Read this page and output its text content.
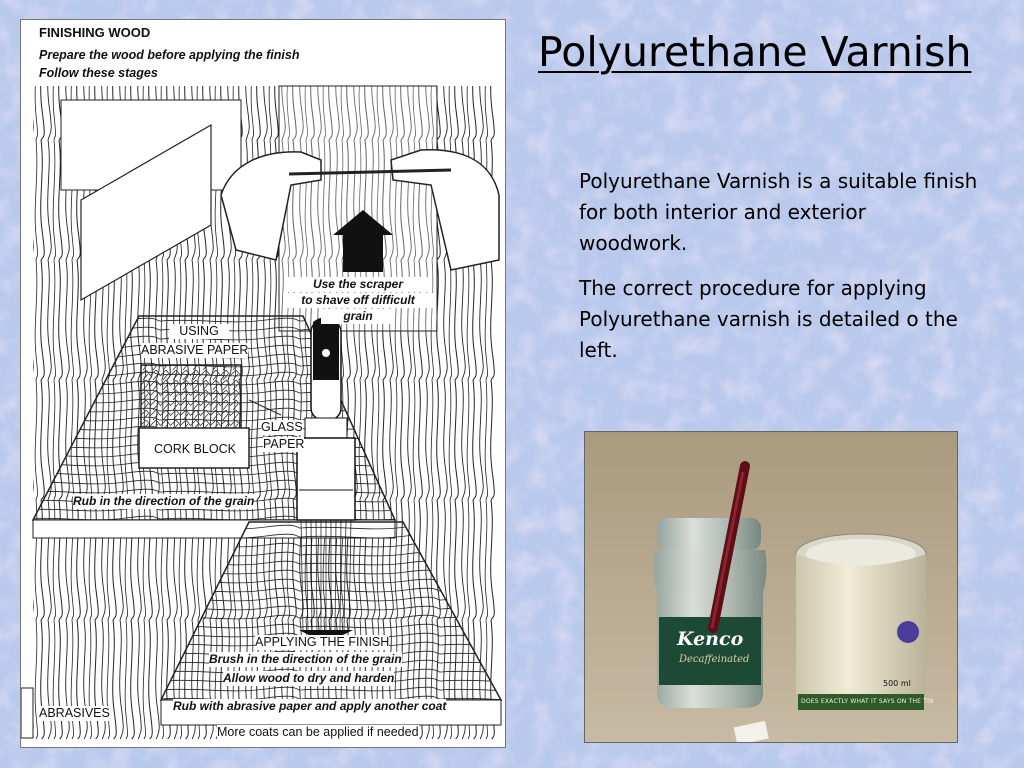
Polyurethane Varnish

Polyurethane Varnish is a suitable finish for both interior and exterior woodwork.

The correct procedure for applying Polyurethane varnish is detailed o the left.

FINISHING WOOD
Prepare the wood before applying the finish
Follow these stages
Use the scraper
to shave off difficult
grain
USING
ABRASIVE PAPER
GLASS
PAPER
CORK BLOCK
Rub in the direction of the grain
APPLYING THE FINISH
Brush in the direction of the grain
Allow wood to dry and harden
Rub with abrasive paper and apply another coat
More coats can be applied if needed
ABRASIVES
Kenco
Decaffeinated
500 ml
DOES EXACTLY WHAT IT SAYS ON THE TIN
